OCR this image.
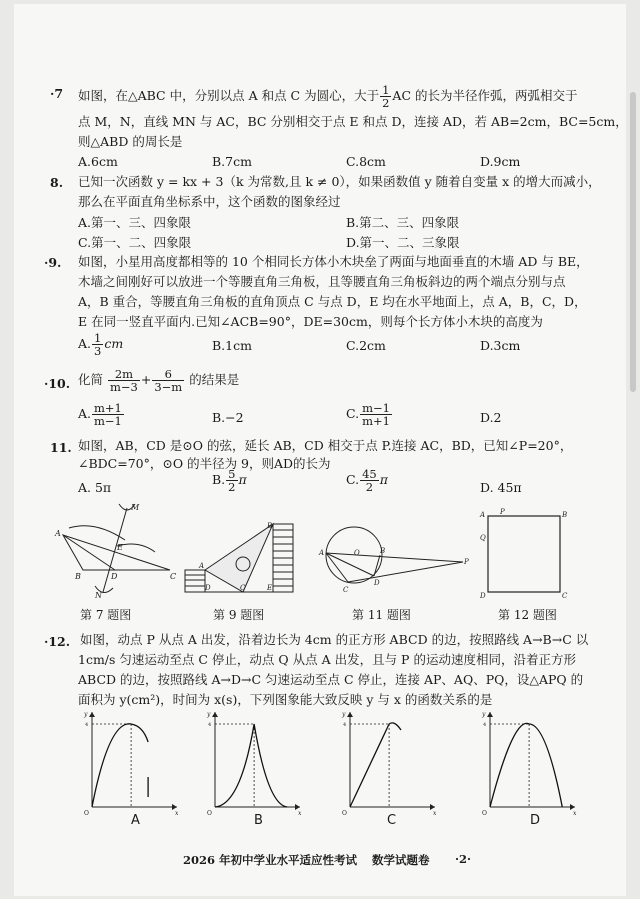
·7 如图，在△ABC 中，分别以点 A 和点 C 为圆心，大于 $\frac{1}{2}$ AC 的长为半径作弧，两弧相交于
点 M，N，直线 MN 与 AC，BC 分别相交于点 E 和点 D，连接 AD，若 AB=2cm，BC=5cm，
则△ABD 的周长是
A.6cm	B.7cm	C.8cm	D.9cm
8. 已知一次函数 y = kx + 3（k 为常数,且 k ≠ 0），如果函数值 y 随着自变量 x 的增大而减小，
那么在平面直角坐标系中，这个函数的图象经过
A.第一、三、四象限	B.第二、三、四象限
C.第一、二、四象限	D.第一、二、三象限
·9. 如图，小星用高度都相等的 10 个相同长方体小木块垒了两面与地面垂直的木墙 AD 与 BE，
木墙之间刚好可以放进一个等腰直角三角板，且等腰直角三角板斜边的两个端点分别与点
A，B 重合，等腰直角三角板的直角顶点 C 与点 D，E 均在水平地面上，点 A，B，C，D，
E 在同一竖直平面内.已知∠ACB=90°，DE=30cm，则每个长方体小木块的高度为
A. $\frac{1}{3}$ cm	B.1cm	C.2cm	D.3cm
·10. 化简 $\frac{2m}{m-3} + \frac{6}{3-m}$ 的结果是
A. $\frac{m+1}{m-1}$	B.−2	C. $\frac{m-1}{m+1}$	D.2
11. 如图，AB，CD 是⊙O 的弦，延长 AB，CD 相交于点 P.连接 AC，BD，已知∠P=20°，
∠BDC=70°，⊙O 的半径为 9，则AD的长为
A. 5π
B. $\frac{5}{2}$ π	C. $\frac{45}{2}$ π
D. 45π
A
B	C
D
E
M
N
A
B
C
D	E
A	B
C
D
O
P
A	B
C
D
P
Q
第 7 题图	第 9 题图	第 11 题图	第 12 题图
·12. 如图，动点 P 从点 A 出发，沿着边长为 4cm 的正方形 ABCD 的边，按照路线 A→B→C 以
1cm/s 匀速运动至点 C 停止，动点 Q 从点 A 出发，且与 P 的运动速度相同，沿着正方形
ABCD 的边，按照路线 A→D→C 匀速运动至点 C 停止，连接 AP、AQ、PQ，设△APQ 的
面积为 y(cm²)，时间为 x(s)，下列图象能大致反映 y 与 x 的函数关系的是
O
y
x
4
O
y
x
4
O
y
x
4
O
y
x
4
A	B	C	D
2026 年初中学业水平适应性考试 数学试题卷 ·2·
